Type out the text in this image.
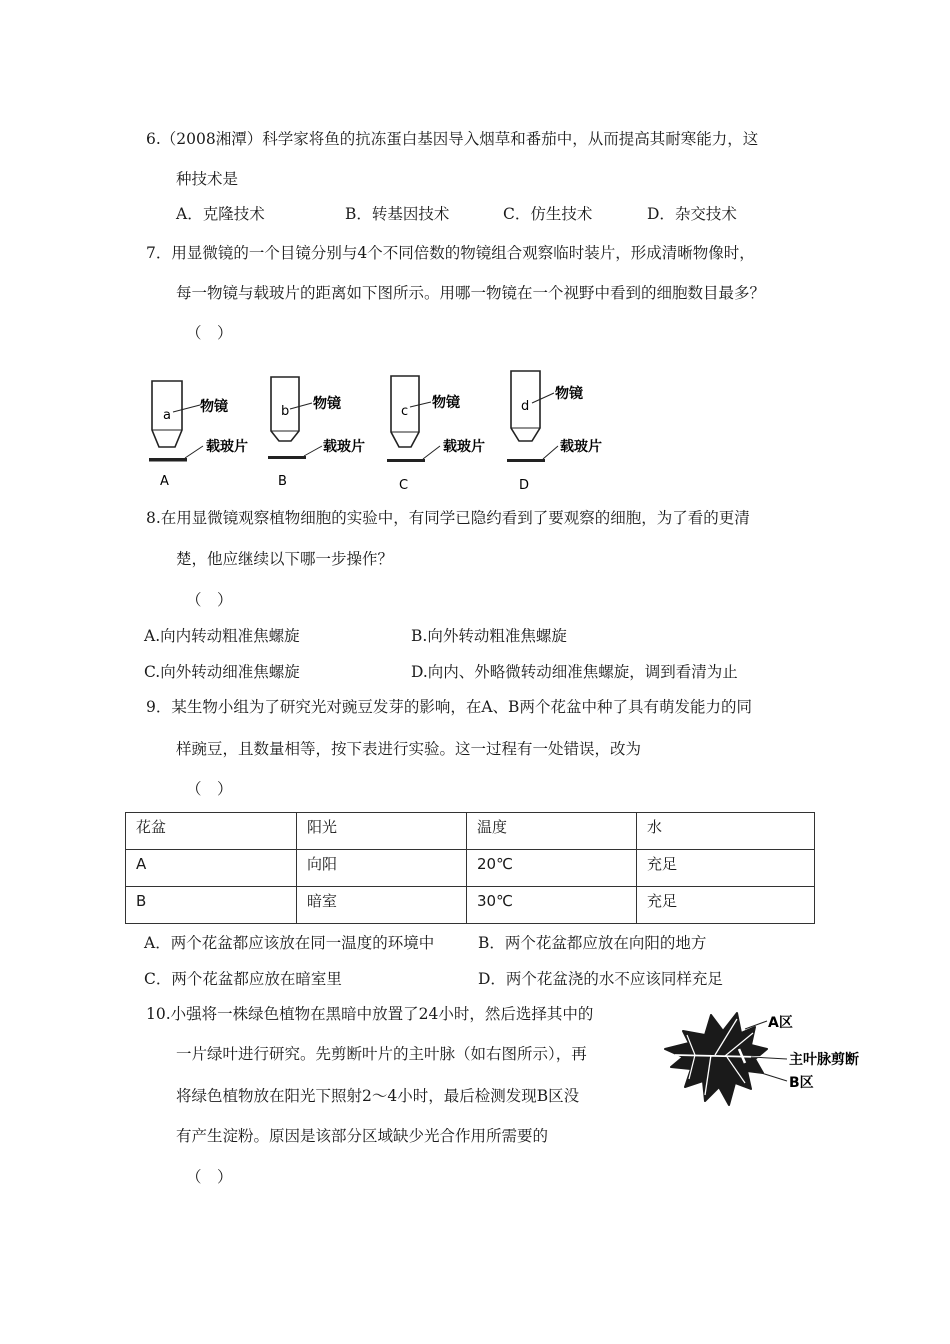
6.（2008湘潭）科学家将鱼的抗冻蛋白基因导入烟草和番茄中，从而提高其耐寒能力，这
种技术是
A．克隆技术	B．转基因技术	C．仿生技术	D．杂交技术
7．用显微镜的一个目镜分别与4个不同倍数的物镜组合观察临时装片，形成清晰物像时，
每一物镜与载玻片的距离如下图所示。用哪一物镜在一个视野中看到的细胞数目最多？
（　）
a
物镜
载玻片
A
b 物镜
载玻片
B
c
物镜
载玻片
C
d
物镜
载玻片
D
8.在用显微镜观察植物细胞的实验中，有同学已隐约看到了要观察的细胞，为了看的更清
楚，他应继续以下哪一步操作？
（　）
A.向内转动粗准焦螺旋	B.向外转动粗准焦螺旋
C.向外转动细准焦螺旋	D.向内、外略微转动细准焦螺旋，调到看清为止
9．某生物小组为了研究光对豌豆发芽的影响，在A、B两个花盆中种了具有萌发能力的同
样豌豆，且数量相等，按下表进行实验。这一过程有一处错误，改为
（　）
花盆	阳光	温度	水
A	向阳	20℃	充足
B	暗室	30℃	充足
A．两个花盆都应该放在同一温度的环境中	B．两个花盆都应放在向阳的地方
C．两个花盆都应放在暗室里	D．两个花盆浇的水不应该同样充足
10.小强将一株绿色植物在黑暗中放置了24小时，然后选择其中的
一片绿叶进行研究。先剪断叶片的主叶脉（如右图所示），再
将绿色植物放在阳光下照射2～4小时，最后检测发现B区没
有产生淀粉。原因是该部分区域缺少光合作用所需要的
（　）
A区
主叶脉剪断
B区
